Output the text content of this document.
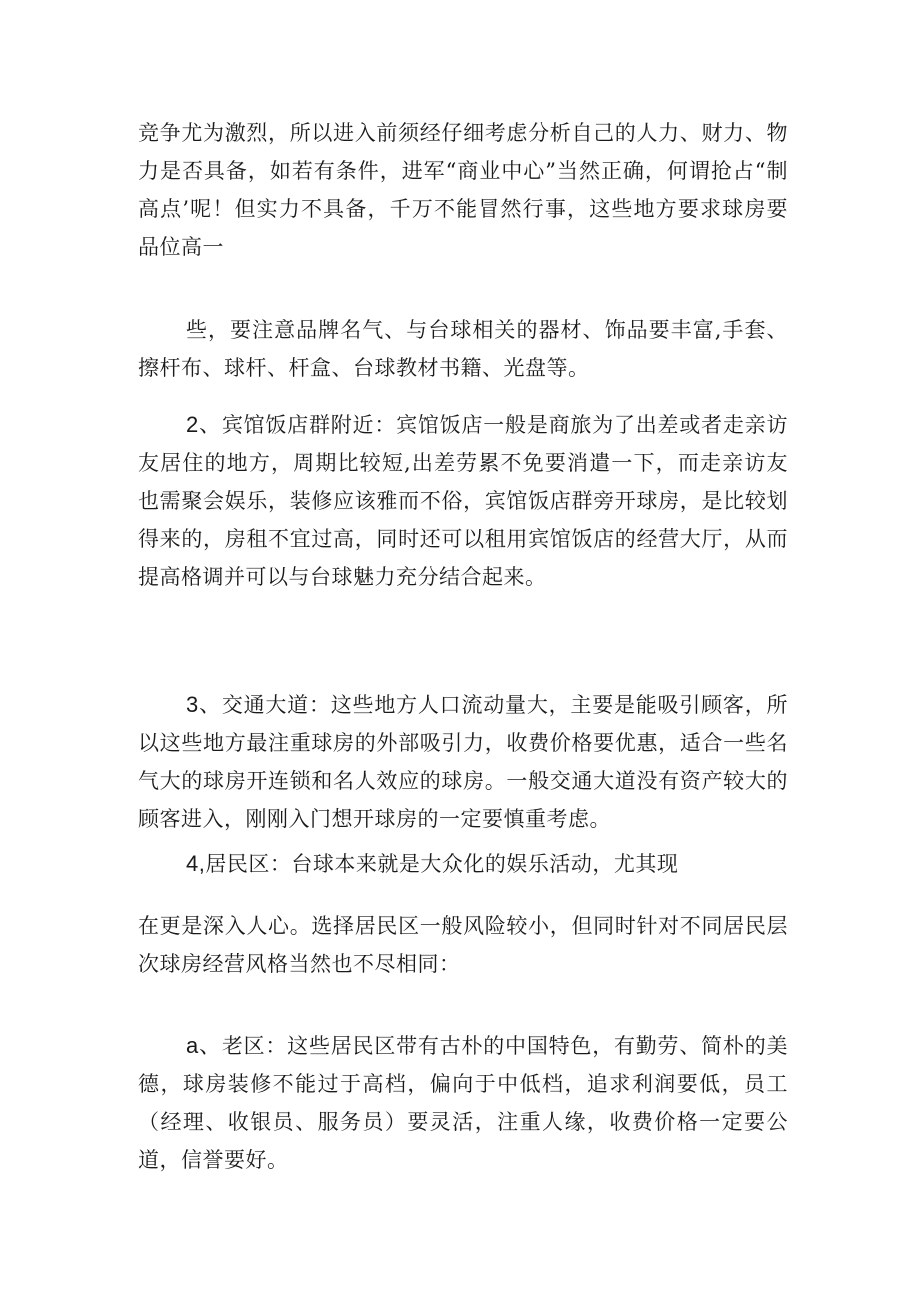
竞争尤为激烈，所以进入前须经仔细考虑分析自己的人力、财力、物力是否具备，如若有条件，进军“商业中心”当然正确，何谓抢占“制高点’呢！但实力不具备，千万不能冒然行事，这些地方要求球房要品位高一

些，要注意品牌名气、与台球相关的器材、饰品要丰富,手套、擦杆布、球杆、杆盒、台球教材书籍、光盘等。

2、宾馆饭店群附近：宾馆饭店一般是商旅为了出差或者走亲访友居住的地方，周期比较短,出差劳累不免要消遣一下，而走亲访友也需聚会娱乐，装修应该雅而不俗，宾馆饭店群旁开球房，是比较划得来的，房租不宜过高，同时还可以租用宾馆饭店的经营大厅，从而提高格调并可以与台球魅力充分结合起来。

3、交通大道：这些地方人口流动量大，主要是能吸引顾客，所以这些地方最注重球房的外部吸引力，收费价格要优惠，适合一些名气大的球房开连锁和名人效应的球房。一般交通大道没有资产较大的顾客进入，刚刚入门想开球房的一定要慎重考虑。

4,居民区：台球本来就是大众化的娱乐活动，尤其现

在更是深入人心。选择居民区一般风险较小，但同时针对不同居民层次球房经营风格当然也不尽相同：

a、老区：这些居民区带有古朴的中国特色，有勤劳、简朴的美德，球房装修不能过于高档，偏向于中低档，追求利润要低，员工（经理、收银员、服务员）要灵活，注重人缘，收费价格一定要公道，信誉要好。
